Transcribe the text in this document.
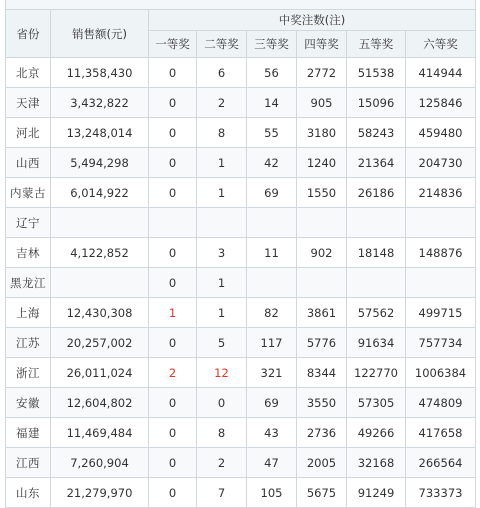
省份	销售额(元)	中奖注数(注)					
		一等奖	二等奖	三等奖	四等奖	五等奖	六等奖
北京	11,358,430	0	6	56	2772	51538	414944
天津	3,432,822	0	2	14	905	15096	125846
河北	13,248,014	0	8	55	3180	58243	459480
山西	5,494,298	0	1	42	1240	21364	204730
内蒙古	6,014,922	0	1	69	1550	26186	214836
辽宁							
吉林	4,122,852	0	3	11	902	18148	148876
黑龙江		0	1				
上海	12,430,308	1	1	82	3861	57562	499715
江苏	20,257,002	0	5	117	5776	91634	757734
浙江	26,011,024	2	12	321	8344	122770	1006384
安徽	12,604,802	0	0	69	3550	57305	474809
福建	11,469,484	0	8	43	2736	49266	417658
江西	7,260,904	0	2	47	2005	32168	266564
山东	21,279,970	0	7	105	5675	91249	733373
